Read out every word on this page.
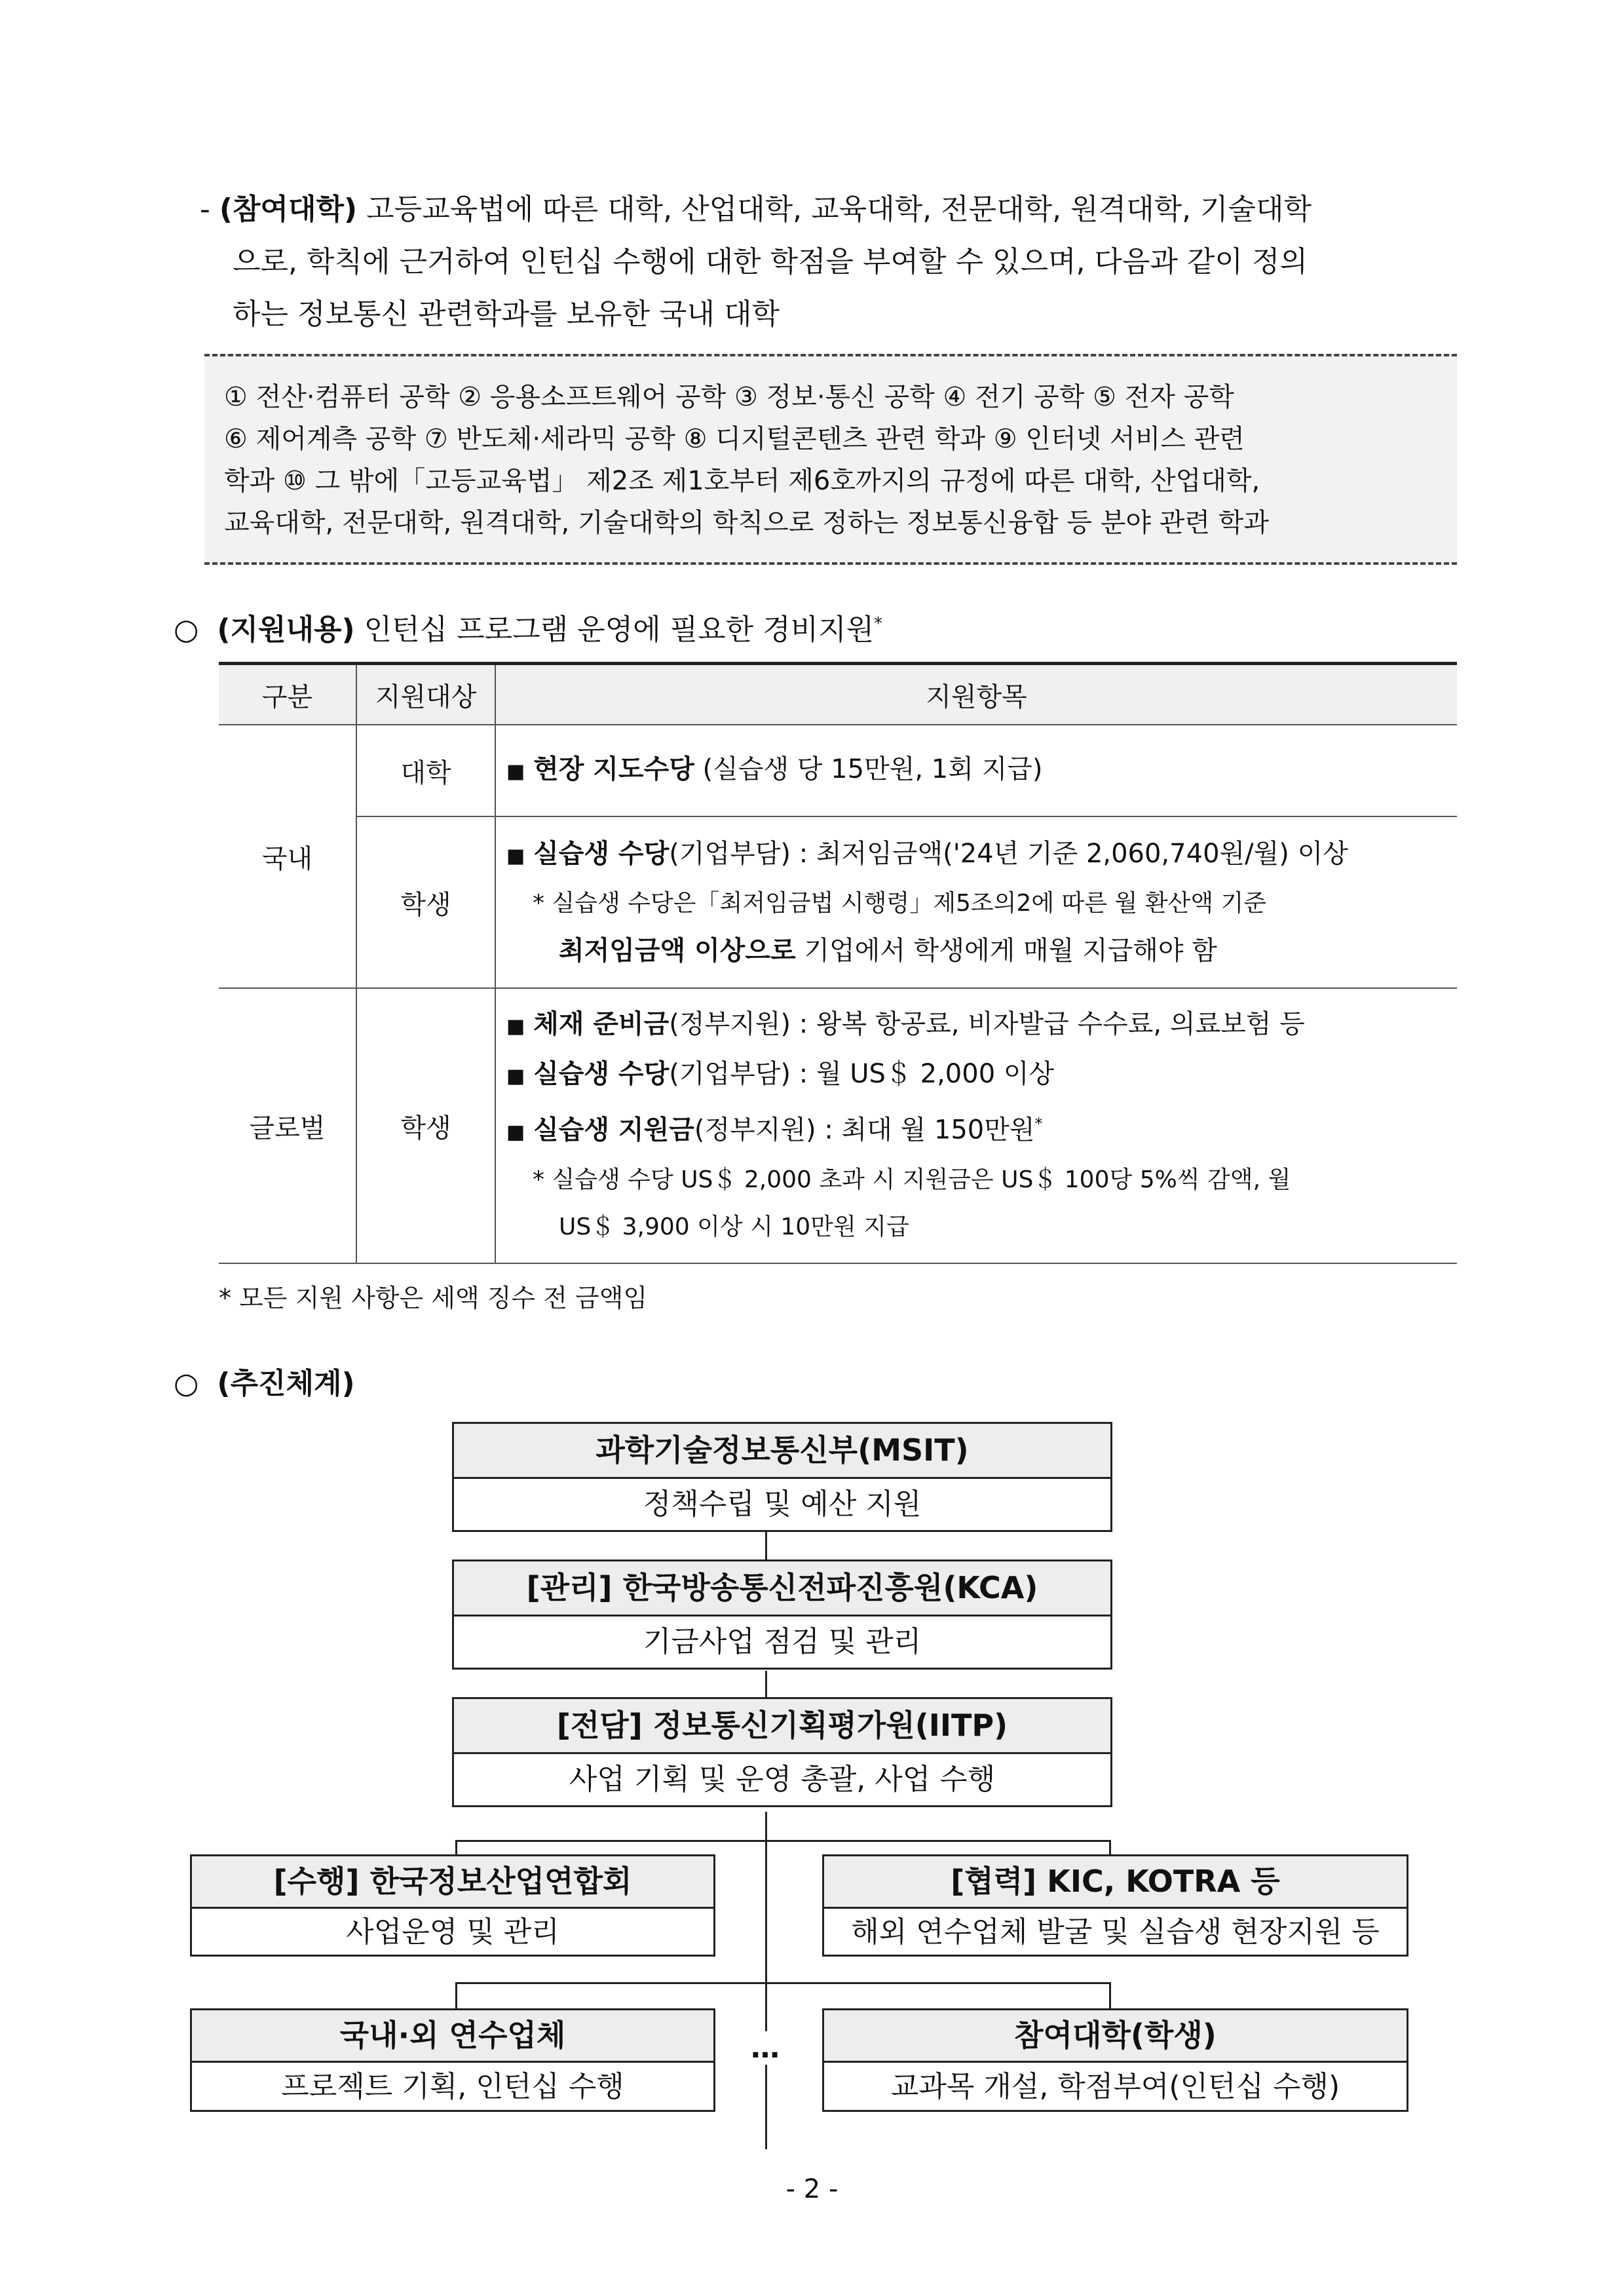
- (참여대학) 고등교육법에 따른 대학, 산업대학, 교육대학, 전문대학, 원격대학, 기술대학
으로, 학칙에 근거하여 인턴십 수행에 대한 학점을 부여할 수 있으며, 다음과 같이 정의
하는 정보통신 관련학과를 보유한 국내 대학
① 전산·컴퓨터 공학 ② 응용소프트웨어 공학 ③ 정보·통신 공학 ④ 전기 공학 ⑤ 전자 공학
⑥ 제어계측 공학 ⑦ 반도체·세라믹 공학 ⑧ 디지털콘텐츠 관련 학과 ⑨ 인터넷 서비스 관련
학과 ⑩ 그 밖에「고등교육법」 제2조 제1호부터 제6호까지의 규정에 따른 대학, 산업대학,
교육대학, 전문대학, 원격대학, 기술대학의 학칙으로 정하는 정보통신융합 등 분야 관련 학과
○ (지원내용) 인턴십 프로그램 운영에 필요한 경비지원*
구분	지원대상	지원항목
국내	대학	■ 현장 지도수당 (실습생 당 15만원, 1회 지급)

	학생	■ 실습생 수당(기업부담) : 최저임금액('24년 기준 2,060,740원/월) 이상
* 실습생 수당은「최저임금법 시행령」제5조의2에 따른 월 환산액 기준
최저임금액 이상으로 기업에서 학생에게 매월 지급해야 함

글로벌	학생	■ 체재 준비금(정부지원) : 왕복 항공료, 비자발급 수수료, 의료보험 등
■ 실습생 수당(기업부담) : 월 US＄ 2,000 이상
■ 실습생 지원금(정부지원) : 최대 월 150만원*
* 실습생 수당 US＄ 2,000 초과 시 지원금은 US＄ 100당 5%씩 감액, 월
US＄ 3,900 이상 시 10만원 지급
* 모든 지원 사항은 세액 징수 전 금액임
○ (추진체계)
과학기술정보통신부(MSIT)
정책수립 및 예산 지원
[관리] 한국방송통신전파진흥원(KCA)
기금사업 점검 및 관리
[전담] 정보통신기획평가원(IITP)
사업 기획 및 운영 총괄, 사업 수행
[수행] 한국정보산업연합회
사업운영 및 관리
[협력] KIC, KOTRA 등
해외 연수업체 발굴 및 실습생 현장지원 등
국내·외 연수업체
프로젝트 기획, 인턴십 수행
참여대학(학생)
교과목 개설, 학점부여(인턴십 수행)
…
- 2 -
